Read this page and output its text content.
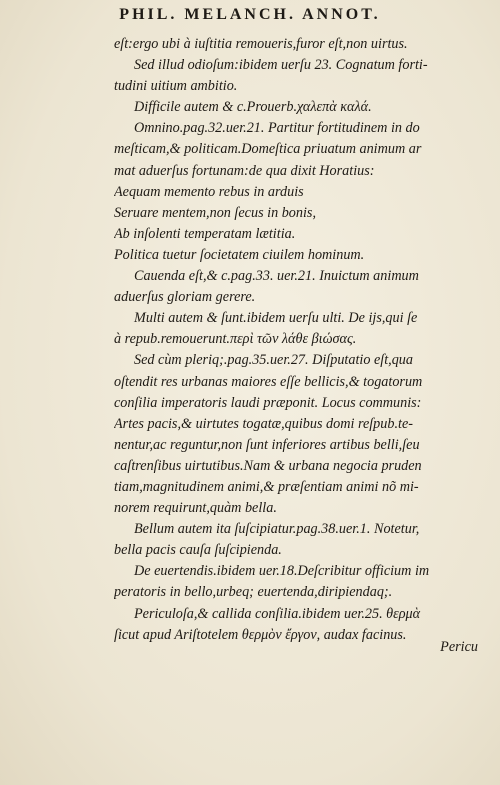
PHIL. MELANCH. ANNOT.
eſt:ergo ubi à iuſtitia remoueris,furor eſt,non uirtus.
Sed illud odioſum:ibidem uerſu 23. Cognatum forti-
tudini uitium ambitio.
Difficile autem & c.Prouerb.χαλεπὰ καλά.
Omnino.pag.32.uer.21. Partitur fortitudinem in do
meſticam,& politicam.Domeſtica priuatum animum ar
mat aduerſus fortunam:de qua dixit Horatius:
Aequam memento rebus in arduis
Seruare mentem,non ſecus in bonis,
Ab inſolenti temperatam lætitia.
Politica tuetur ſocietatem ciuilem hominum.
Cauenda eſt,& c.pag.33. uer.21. Inuictum animum
aduerſus gloriam gerere.
Multi autem & ſunt.ibidem uerſu ulti. De ijs,qui ſe
à repub.remouerunt.περὶ τῶν λάθε βιώσας.
Sed cùm pleriq;.pag.35.uer.27. Diſputatio eſt,qua
oſtendit res urbanas maiores eſſe bellicis,& togatorum
conſilia imperatoris laudi præponit. Locus communis:
Artes pacis,& uirtutes togatæ,quibus domi reſpub.te-
nentur,ac reguntur,non ſunt inferiores artibus belli,ſeu
caſtrenſibus uirtutibus.Nam & urbana negocia pruden
tiam,magnitudinem animi,& præſentiam animi nõ mi-
norem requirunt,quàm bella.
Bellum autem ita ſuſcipiatur.pag.38.uer.1. Notetur,
bella pacis cauſa ſuſcipienda.
De euertendis.ibidem uer.18.Deſcribitur officium im
peratoris in bello,urbeq; euertenda,diripiendaq;.
Periculoſa,& callida conſilia.ibidem uer.25. θερμὰ
ſicut apud Ariſtotelem θερμὸν ἔργον, audax facinus.
Pericu
